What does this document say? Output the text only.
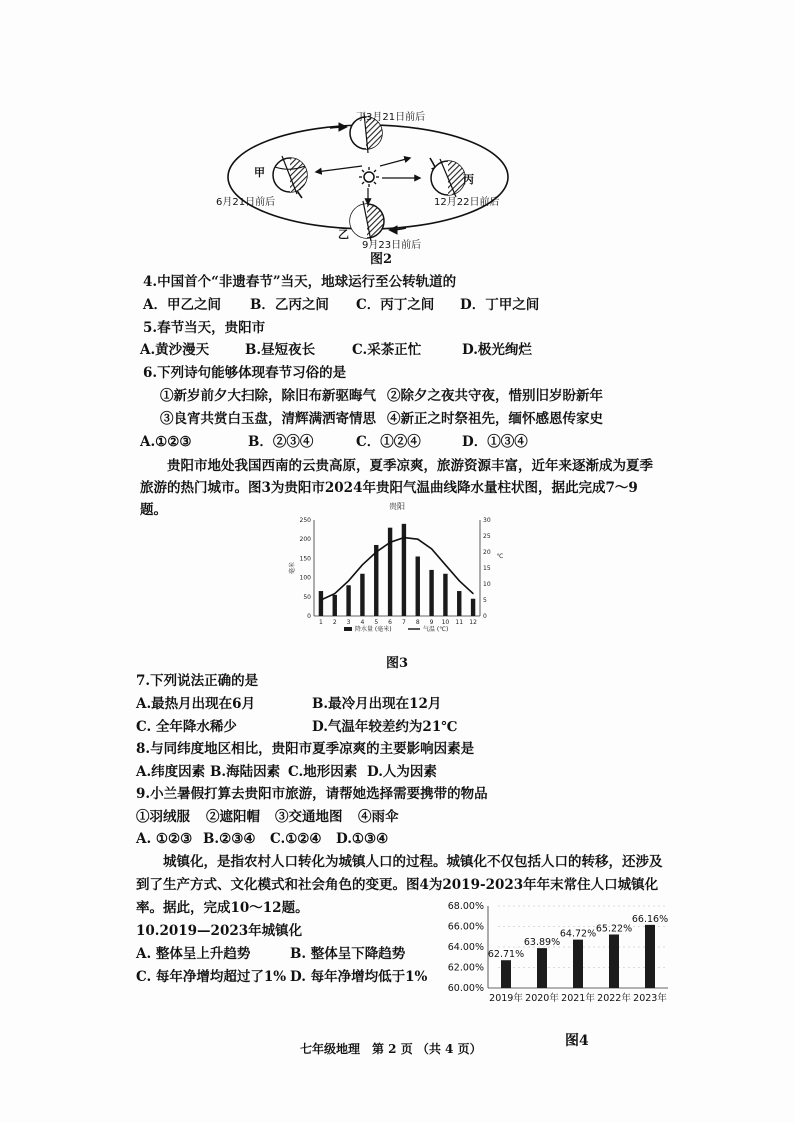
丁3月21日前后
甲
6月21日前后
丙
12月22日前后
乙
9月23日前后
图2
4.中国首个“非遗春节”当天，地球运行至公转轨道的
A．甲乙之间 B．乙丙之间 C．丙丁之间 D．丁甲之间
5.春节当天，贵阳市
A.黄沙漫天	B.昼短夜长	C.采茶正忙	D.极光绚烂
6.下列诗句能够体现春节习俗的是
①新岁前夕大扫除，除旧布新驱晦气 ②除夕之夜共守夜，惜别旧岁盼新年
③良宵共赏白玉盘，清辉满洒寄情思 ④新正之时祭祖先，缅怀感恩传家史
A.①②③	B．②③④	C．①②④	D．①③④
贵阳市地处我国西南的云贵高原，夏季凉爽，旅游资源丰富，近年来逐渐成为夏季旅游的热门城市。图3为贵阳市2024年贵阳气温曲线降水量柱状图，据此完成7～9题。	贵阳
0
50
100
150
200
250
0
5
10
15
20
25
30
毫米
℃
1 2 3 4 5 6 7 8 9 10 11 12
降水量 (毫米)	气温 (℃)
图3
7.下列说法正确的是
A.最热月出现在6月	B.最冷月出现在12月
C. 全年降水稀少	D.气温年较差约为21℃
8.与同纬度地区相比，贵阳市夏季凉爽的主要影响因素是
A.纬度因素 B.海陆因素 C.地形因素 D.人为因素
9.小兰暑假打算去贵阳市旅游，请帮她选择需要携带的物品
①羽绒服 ②遮阳帽 ③交通地图 ④雨伞
A. ①②③ B.②③④ C.①②④ D.①③④
城镇化，是指农村人口转化为城镇人口的过程。城镇化不仅包括人口的转移，还涉及到了生产方式、文化模式和社会角色的变更。图4为2019-2023年年末常住人口城镇化率。据此，完成10～12题。
10.2019—2023年城镇化
A. 整体呈上升趋势	B. 整体呈下降趋势
C. 每年净增均超过了1% D. 每年净增均低于1%
60.00%
62.00%
64.00%
66.00%
68.00%
62.71%
2019年
63.89%
2020年
64.72%
2021年
65.22%
2022年
66.16%
2023年
图4
七年级地理　第 2 页 （共 4 页）
